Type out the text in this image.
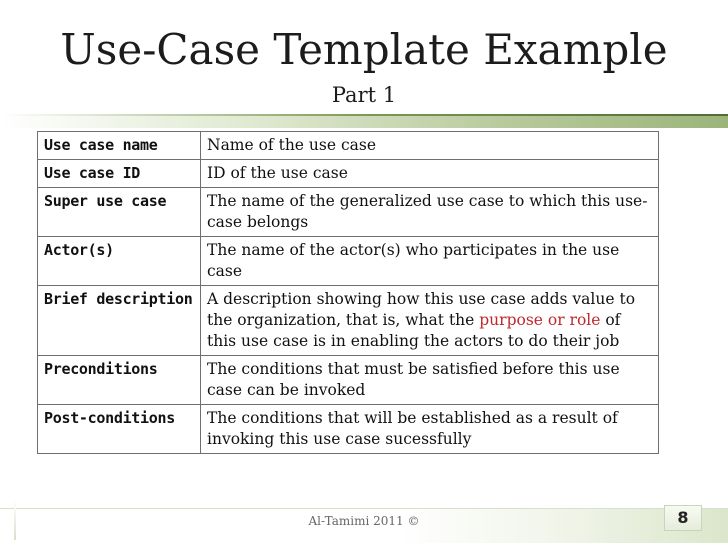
Use-Case Template Example
Part 1
Use case name	Name of the use case
Use case ID	ID of the use case
Super use case	The name of the generalized use case to which this use-case belongs
Actor(s)	The name of the actor(s) who participates in the use case
Brief description	A description showing how this use case adds value to the organization, that is, what the purpose or role of this use case is in enabling the actors to do their job
Preconditions	The conditions that must be satisfied before this use case can be invoked
Post-conditions	The conditions that will be established as a result of invoking this use case sucessfully
Al-Tamimi 2011 ©	8
